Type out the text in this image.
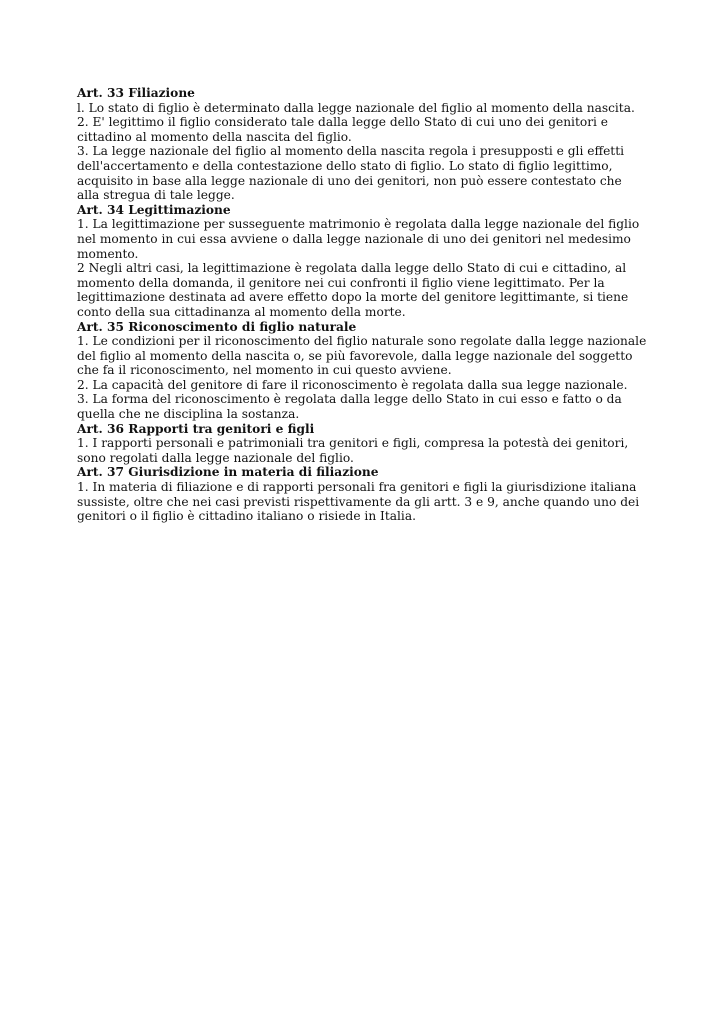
Art. 33 Filiazione

l. Lo stato di figlio è determinato dalla legge nazionale del figlio al momento della nascita.

2. E' legittimo il figlio considerato tale dalla legge dello Stato di cui uno dei genitori e cittadino al momento della nascita del figlio.

3. La legge nazionale del figlio al momento della nascita regola i presupposti e gli effetti dell'accertamento e della contestazione dello stato di figlio. Lo stato di figlio legittimo, acquisito in base alla legge nazionale di uno dei genitori, non può essere contestato che alla stregua di tale legge.

Art. 34 Legittimazione

1. La legittimazione per susseguente matrimonio è regolata dalla legge nazionale del figlio nel momento in cui essa avviene o dalla legge nazionale di uno dei genitori nel medesimo momento.

2 Negli altri casi, la legittimazione è regolata dalla legge dello Stato di cui e cittadino, al momento della domanda, il genitore nei cui confronti il figlio viene legittimato. Per la legittimazione destinata ad avere effetto dopo la morte del genitore legittimante, si tiene conto della sua cittadinanza al momento della morte.

Art. 35 Riconoscimento di figlio naturale

1. Le condizioni per il riconoscimento del figlio naturale sono regolate dalla legge nazionale del figlio al momento della nascita o, se più favorevole, dalla legge nazionale del soggetto che fa il riconoscimento, nel momento in cui questo avviene.

2. La capacità del genitore di fare il riconoscimento è regolata dalla sua legge nazionale.

3. La forma del riconoscimento è regolata dalla legge dello Stato in cui esso e fatto o da quella che ne disciplina la sostanza.

Art. 36 Rapporti tra genitori e figli

1. I rapporti personali e patrimoniali tra genitori e figli, compresa la potestà dei genitori, sono regolati dalla legge nazionale del figlio.

Art. 37 Giurisdizione in materia di filiazione

1. In materia di filiazione e di rapporti personali fra genitori e figli la giurisdizione italiana sussiste, oltre che nei casi previsti rispettivamente da gli artt. 3 e 9, anche quando uno dei genitori o il figlio è cittadino italiano o risiede in Italia.
